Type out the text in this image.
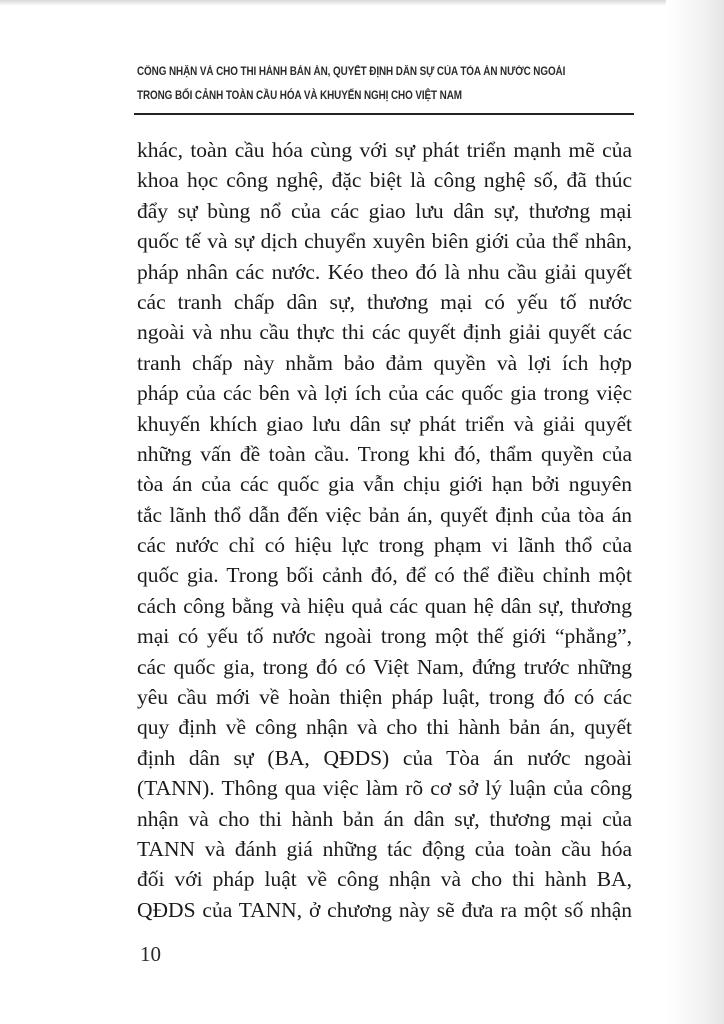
CÔNG NHẬN VÀ CHO THI HÀNH BẢN ÁN, QUYẾT ĐỊNH DÂN SỰ CỦA TÒA ÁN NƯỚC NGOÀI
TRONG BỐI CẢNH TOÀN CẦU HÓA VÀ KHUYẾN NGHỊ CHO VIỆT NAM
khác, toàn cầu hóa cùng với sự phát triển mạnh mẽ của
khoa học công nghệ, đặc biệt là công nghệ số, đã thúc
đẩy sự bùng nổ của các giao lưu dân sự, thương mại
quốc tế và sự dịch chuyển xuyên biên giới của thể nhân,
pháp nhân các nước. Kéo theo đó là nhu cầu giải quyết
các tranh chấp dân sự, thương mại có yếu tố nước
ngoài và nhu cầu thực thi các quyết định giải quyết các
tranh chấp này nhằm bảo đảm quyền và lợi ích hợp
pháp của các bên và lợi ích của các quốc gia trong việc
khuyến khích giao lưu dân sự phát triển và giải quyết
những vấn đề toàn cầu. Trong khi đó, thẩm quyền của
tòa án của các quốc gia vẫn chịu giới hạn bởi nguyên
tắc lãnh thổ dẫn đến việc bản án, quyết định của tòa án
các nước chỉ có hiệu lực trong phạm vi lãnh thổ của
quốc gia. Trong bối cảnh đó, để có thể điều chỉnh một
cách công bằng và hiệu quả các quan hệ dân sự, thương
mại có yếu tố nước ngoài trong một thế giới “phẳng”,
các quốc gia, trong đó có Việt Nam, đứng trước những
yêu cầu mới về hoàn thiện pháp luật, trong đó có các
quy định về công nhận và cho thi hành bản án, quyết
định dân sự (BA, QĐDS) của Tòa án nước ngoài
(TANN). Thông qua việc làm rõ cơ sở lý luận của công
nhận và cho thi hành bản án dân sự, thương mại của
TANN và đánh giá những tác động của toàn cầu hóa
đối với pháp luật về công nhận và cho thi hành BA,
QĐDS của TANN, ở chương này sẽ đưa ra một số nhận
10
